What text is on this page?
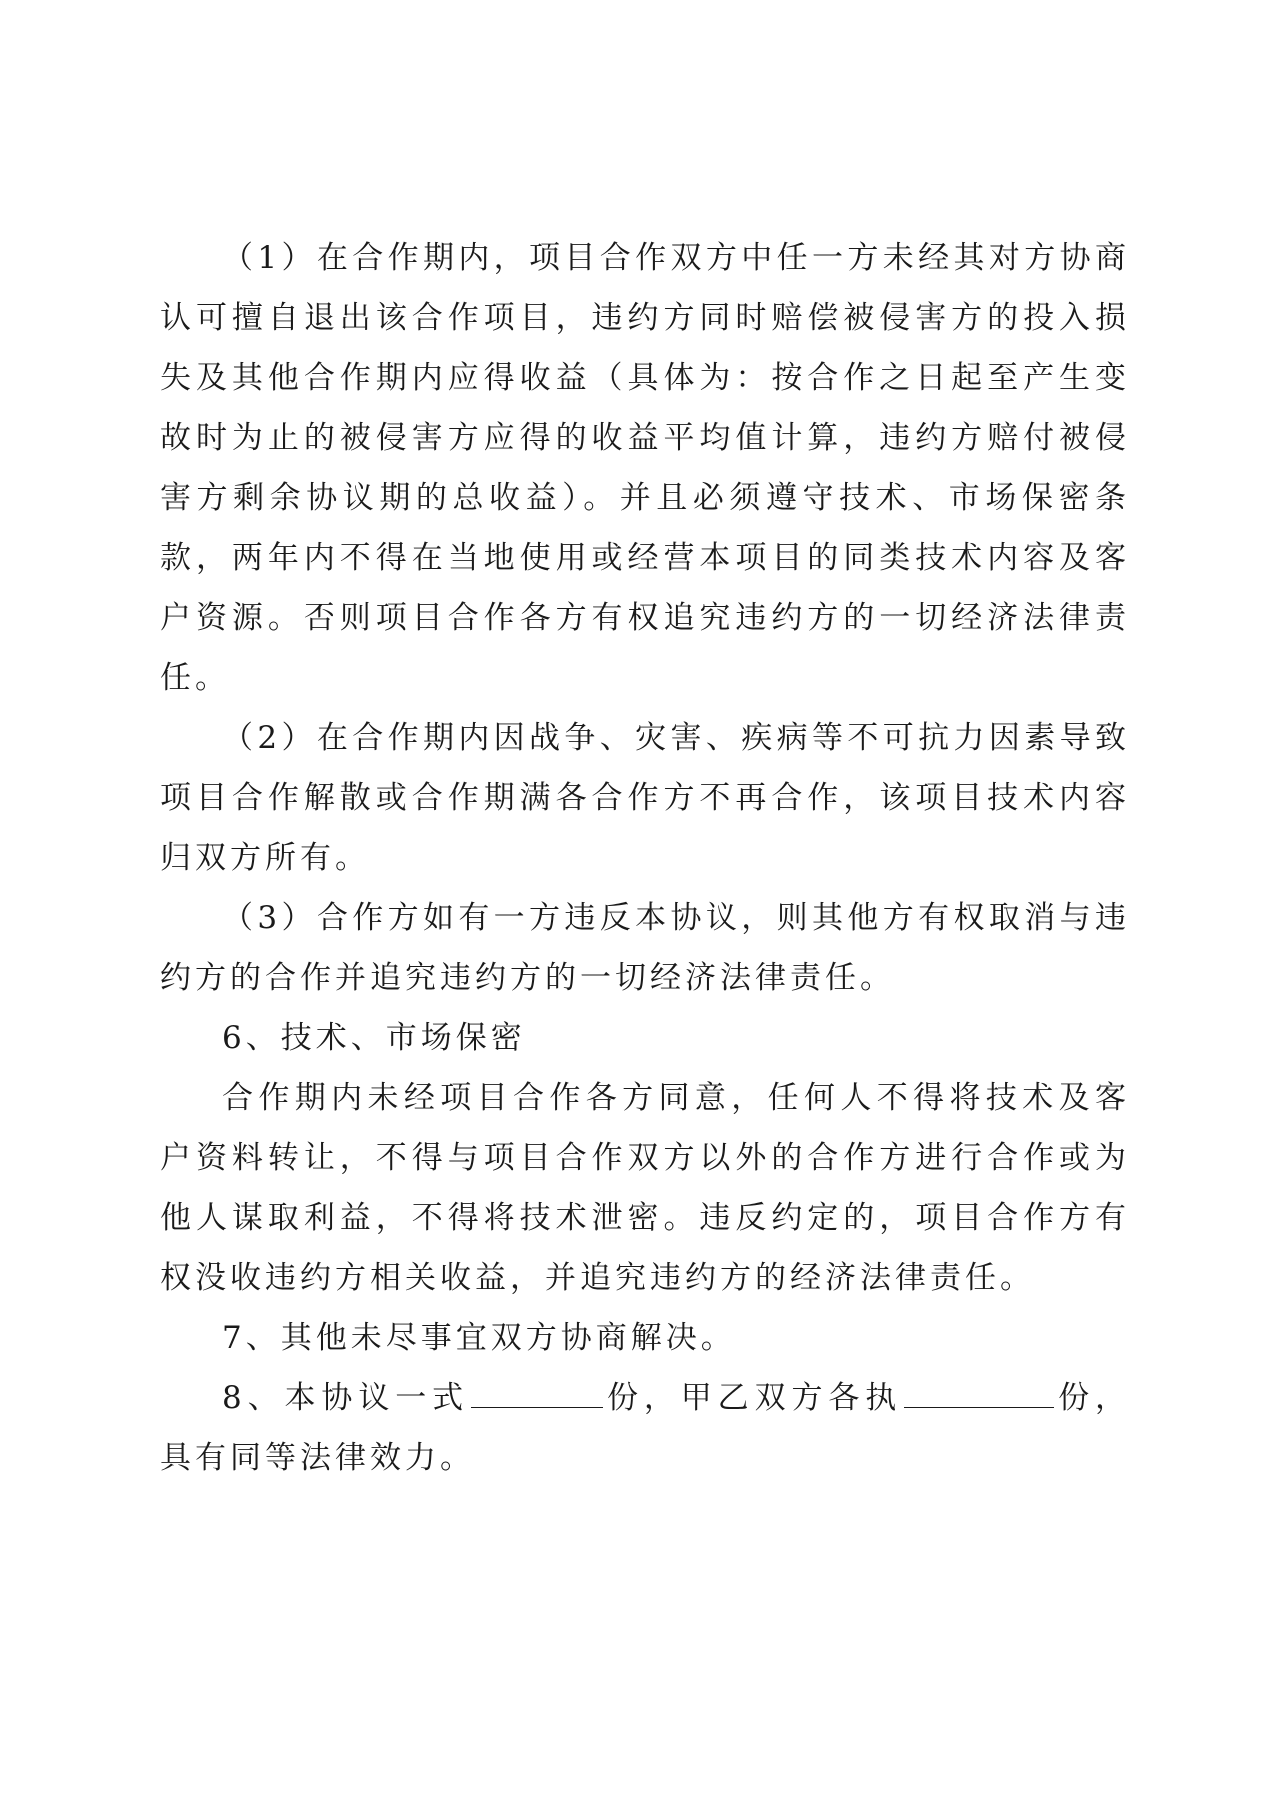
（1）在合作期内，项目合作双方中任一方未经其对方协商认可擅自退出该合作项目，违约方同时赔偿被侵害方的投入损失及其他合作期内应得收益（具体为：按合作之日起至产生变故时为止的被侵害方应得的收益平均值计算，违约方赔付被侵害方剩余协议期的总收益）。并且必须遵守技术、市场保密条款，两年内不得在当地使用或经营本项目的同类技术内容及客户资源。否则项目合作各方有权追究违约方的一切经济法律责任。

（2）在合作期内因战争、灾害、疾病等不可抗力因素导致项目合作解散或合作期满各合作方不再合作，该项目技术内容归双方所有。

（3）合作方如有一方违反本协议，则其他方有权取消与违约方的合作并追究违约方的一切经济法律责任。

6、技术、市场保密

合作期内未经项目合作各方同意，任何人不得将技术及客户资料转让，不得与项目合作双方以外的合作方进行合作或为他人谋取利益，不得将技术泄密。违反约定的，项目合作方有权没收违约方相关收益，并追究违约方的经济法律责任。

7、其他未尽事宜双方协商解决。

8、本协议一式	份，甲乙双方各执	份，具有同等法律效力。
